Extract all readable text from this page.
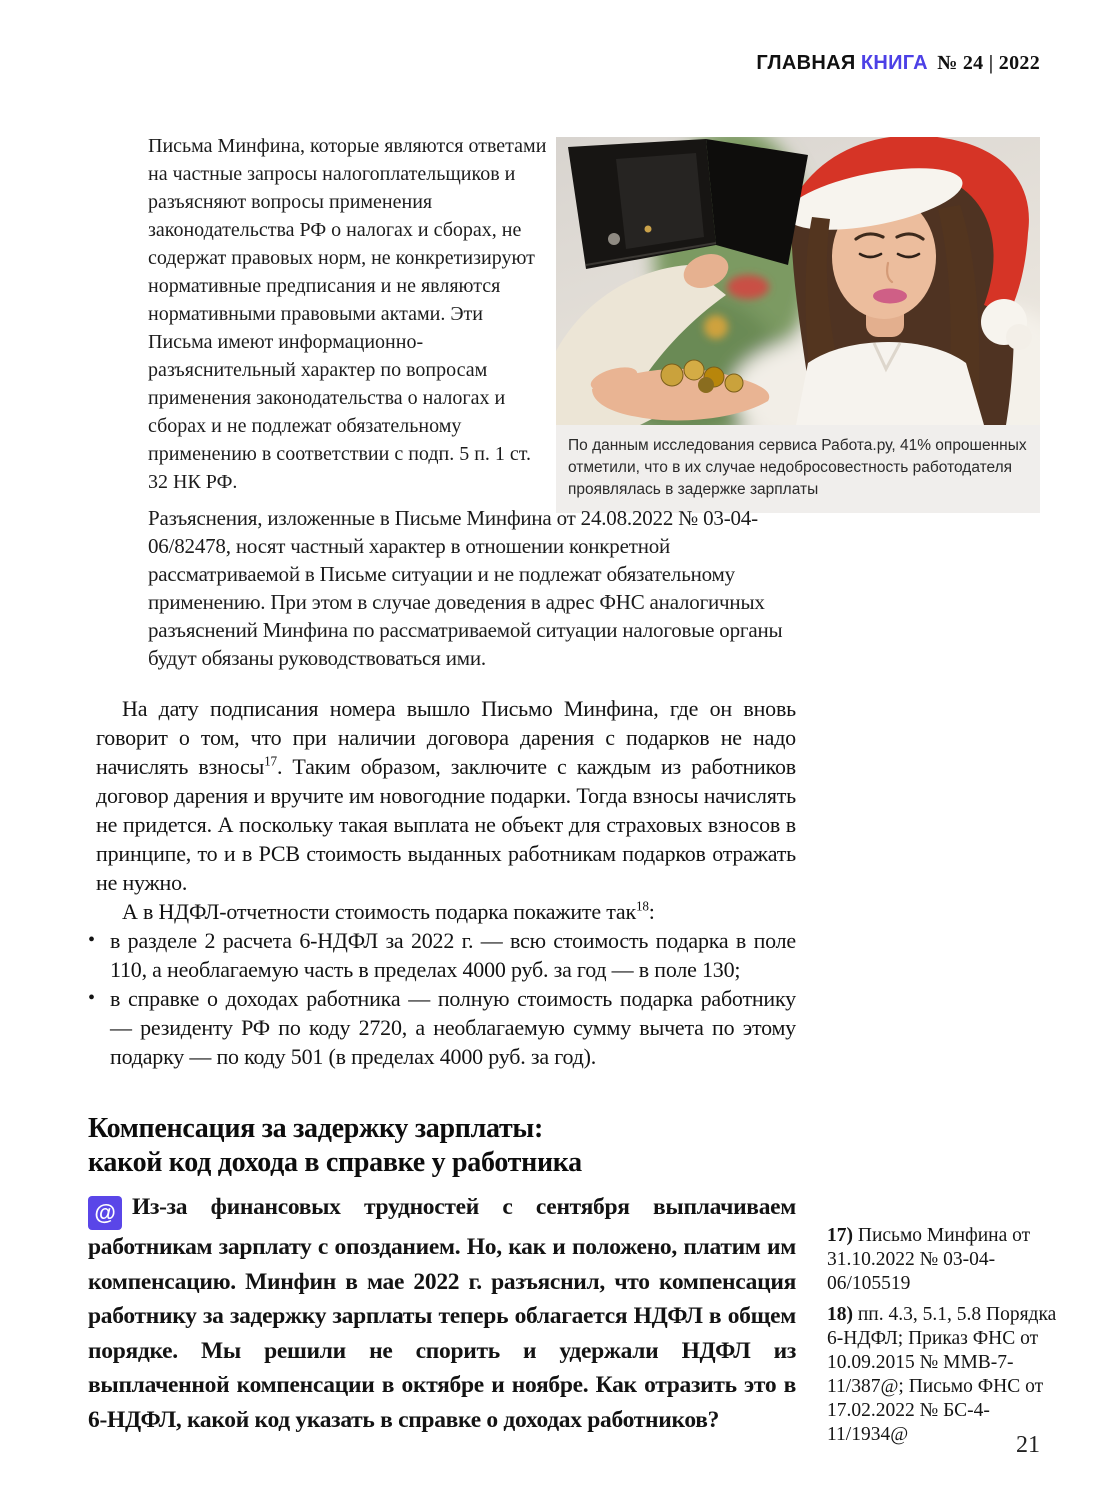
ГЛАВНАЯ КНИГА № 24 | 2022
Письма Минфина, которые являются ответами на частные запросы налогоплательщиков и разъясняют вопросы применения законодательства РФ о налогах и сборах, не содержат правовых норм, не конкретизируют нормативные предписания и не являются нормативными правовыми актами. Эти Письма имеют информационно-разъяснительный характер по вопросам применения законодательства о налогах и сборах и не подлежат обязательному применению в соответствии с подп. 5 п. 1 ст. 32 НК РФ.
По данным исследования сервиса Работа.ру, 41% опрошенных отметили, что в их случае недобросовестность работодателя проявлялась в задержке зарплаты
Разъяснения, изложенные в Письме Минфина от 24.08.2022 № 03-04-06/82478, носят частный характер в отношении конкретной рассматриваемой в Письме ситуации и не подлежат обязательному применению. При этом в случае доведения в адрес ФНС аналогичных разъяснений Минфина по рассматриваемой ситуации налоговые органы будут обязаны руководствоваться ими.

На дату подписания номера вышло Письмо Минфина, где он вновь говорит о том, что при наличии договора дарения с подарков не надо начислять взносы$^{17}$. Таким образом, заключите с каждым из работников договор дарения и вручите им новогодние подарки. Тогда взносы начислять не придется. А поскольку такая выплата не объект для страховых взносов в принципе, то и в РСВ стоимость выданных работникам подарков отражать не нужно.

А в НДФЛ-отчетности стоимость подарка покажите так$^{18}$:

• в разделе 2 расчета 6-НДФЛ за 2022 г. — всю стоимость подарка в поле 110, а необлагаемую часть в пределах 4000 руб. за год — в поле 130;
• в справке о доходах работника — полную стоимость подарка работнику — резиденту РФ по коду 2720, а необлагаемую сумму вычета по этому подарку — по коду 501 (в пределах 4000 руб. за год).
Компенсация за задержку зарплаты:
какой код дохода в справке у работника
@ Из-за финансовых трудностей с сентября выплачиваем работникам зарплату с опозданием. Но, как и положено, платим им компенсацию. Минфин в мае 2022 г. разъяснил, что компенсация работнику за задержку зарплаты теперь облагается НДФЛ в общем порядке. Мы решили не спорить и удержали НДФЛ из выплаченной компенсации в октябре и ноябре. Как отразить это в 6-НДФЛ, какой код указать в справке о доходах работников?
17) Письмо Минфина от 31.10.2022 № 03-04-06/105519
18) пп. 4.3, 5.1, 5.8 Порядка 6-НДФЛ; Приказ ФНС от 10.09.2015 № ММВ-7-11/387@; Письмо ФНС от 17.02.2022 № БС-4-11/1934@	21
